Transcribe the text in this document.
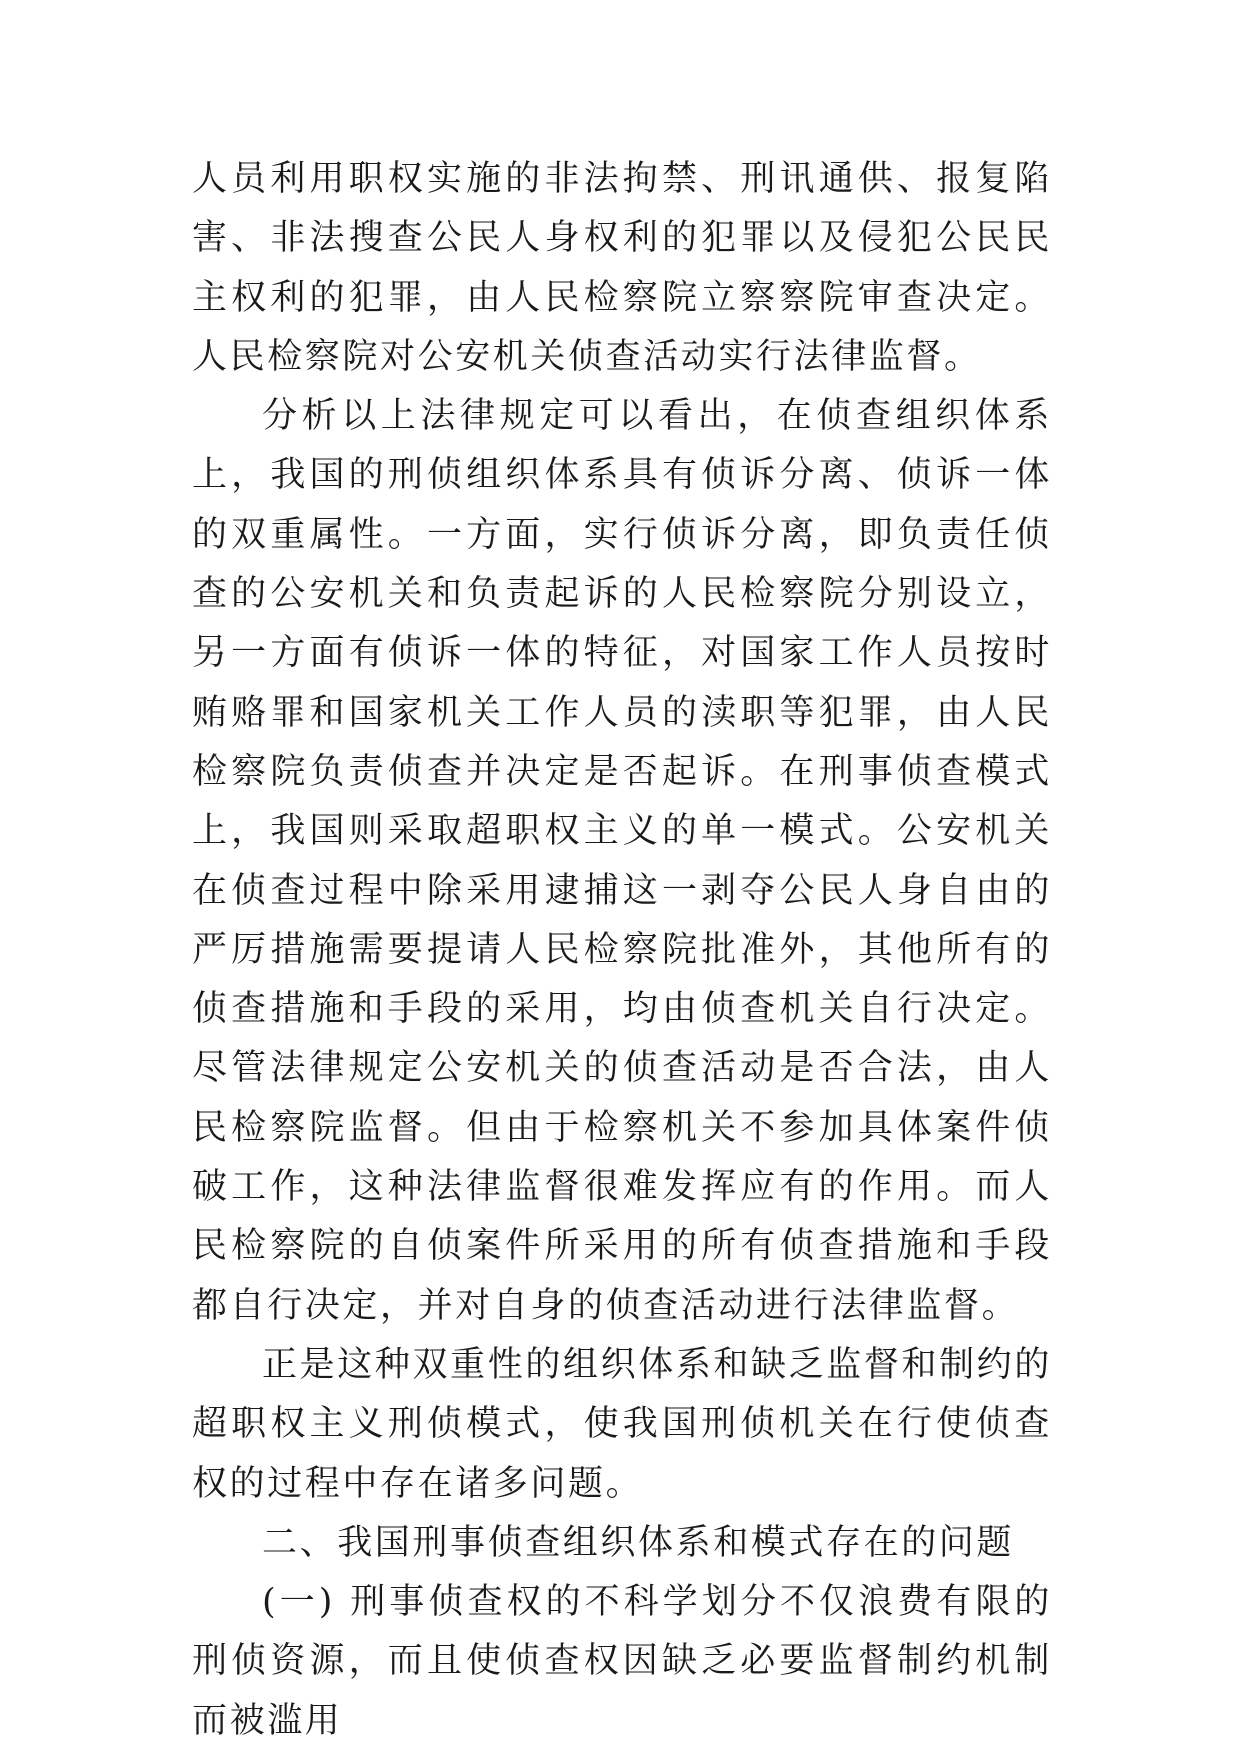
人员利用职权实施的非法拘禁、刑讯通供、报复陷害、非法搜查公民人身权利的犯罪以及侵犯公民民主权利的犯罪，由人民检察院立察察院审查决定。人民检察院对公安机关侦查活动实行法律监督。

分析以上法律规定可以看出，在侦查组织体系上，我国的刑侦组织体系具有侦诉分离、侦诉一体的双重属性。一方面，实行侦诉分离，即负责任侦查的公安机关和负责起诉的人民检察院分别设立，另一方面有侦诉一体的特征，对国家工作人员按时贿赂罪和国家机关工作人员的渎职等犯罪，由人民检察院负责侦查并决定是否起诉。在刑事侦查模式上，我国则采取超职权主义的单一模式。公安机关在侦查过程中除采用逮捕这一剥夺公民人身自由的严厉措施需要提请人民检察院批准外，其他所有的侦查措施和手段的采用，均由侦查机关自行决定。尽管法律规定公安机关的侦查活动是否合法，由人民检察院监督。但由于检察机关不参加具体案件侦破工作，这种法律监督很难发挥应有的作用。而人民检察院的自侦案件所采用的所有侦查措施和手段都自行决定，并对自身的侦查活动进行法律监督。

正是这种双重性的组织体系和缺乏监督和制约的超职权主义刑侦模式，使我国刑侦机关在行使侦查权的过程中存在诸多问题。

二、我国刑事侦查组织体系和模式存在的问题

(一) 刑事侦查权的不科学划分不仅浪费有限的刑侦资源，而且使侦查权因缺乏必要监督制约机制而被滥用
